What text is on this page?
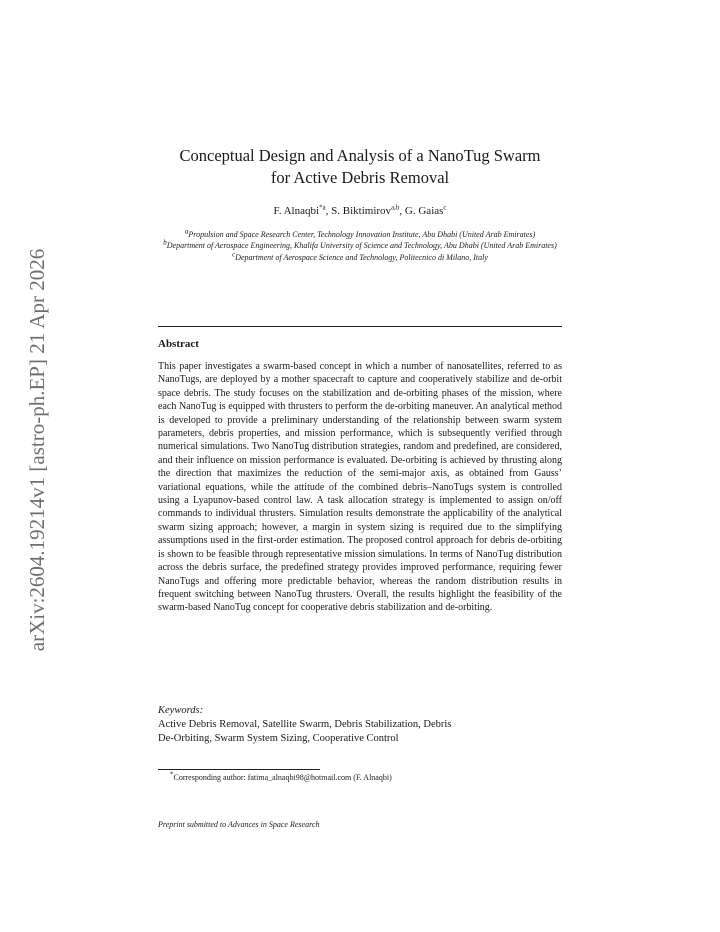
arXiv:2604.19214v1 [astro-ph.EP] 21 Apr 2026
Conceptual Design and Analysis of a NanoTug Swarm
for Active Debris Removal
F. Alnaqbi$^{*a}$, S. Biktimirov$^{a,b}$, G. Gaias$^c$

$^a$Propulsion and Space Research Center, Technology Innovation Institute, Abu Dhabi (United Arab Emirates)

$^b$Department of Aerospace Engineering, Khalifa University of Science and Technology, Abu Dhabi (United Arab Emirates)

$^c$Department of Aerospace Science and Technology, Politecnico di Milano, Italy

Abstract

This paper investigates a swarm-based concept in which a number of nanosatellites, referred to as NanoTugs, are deployed by a mother spacecraft to capture and cooperatively stabilize and de-orbit space debris. The study focuses on the stabilization and de-orbiting phases of the mission, where each NanoTug is equipped with thrusters to perform the de-orbiting maneuver. An analytical method is developed to provide a preliminary understanding of the relationship between swarm system parameters, debris properties, and mission performance, which is subsequently verified through numerical simulations. Two NanoTug distribution strategies, random and predefined, are considered, and their influence on mission performance is evaluated. De-orbiting is achieved by thrusting along the direction that maximizes the reduction of the semi-major axis, as obtained from Gauss’ variational equations, while the attitude of the combined debris–NanoTugs system is controlled using a Lyapunov-based control law. A task allocation strategy is implemented to assign on/off commands to individual thrusters. Simulation results demonstrate the applicability of the analytical swarm sizing approach; however, a margin in system sizing is required due to the simplifying assumptions used in the first-order estimation. The proposed control approach for debris de-orbiting is shown to be feasible through representative mission simulations. In terms of NanoTug distribution across the debris surface, the predefined strategy provides improved performance, requiring fewer NanoTugs and offering more predictable behavior, whereas the random distribution results in frequent switching between NanoTug thrusters. Overall, the results highlight the feasibility of the swarm-based NanoTug concept for cooperative debris stabilization and de-orbiting.

Keywords:
Active Debris Removal, Satellite Swarm, Debris Stabilization, Debris
De-Orbiting, Swarm System Sizing, Cooperative Control
*Corresponding author: fatima_alnaqbi98@hotmail.com (F. Alnaqbi)
Preprint submitted to Advances in Space Research
